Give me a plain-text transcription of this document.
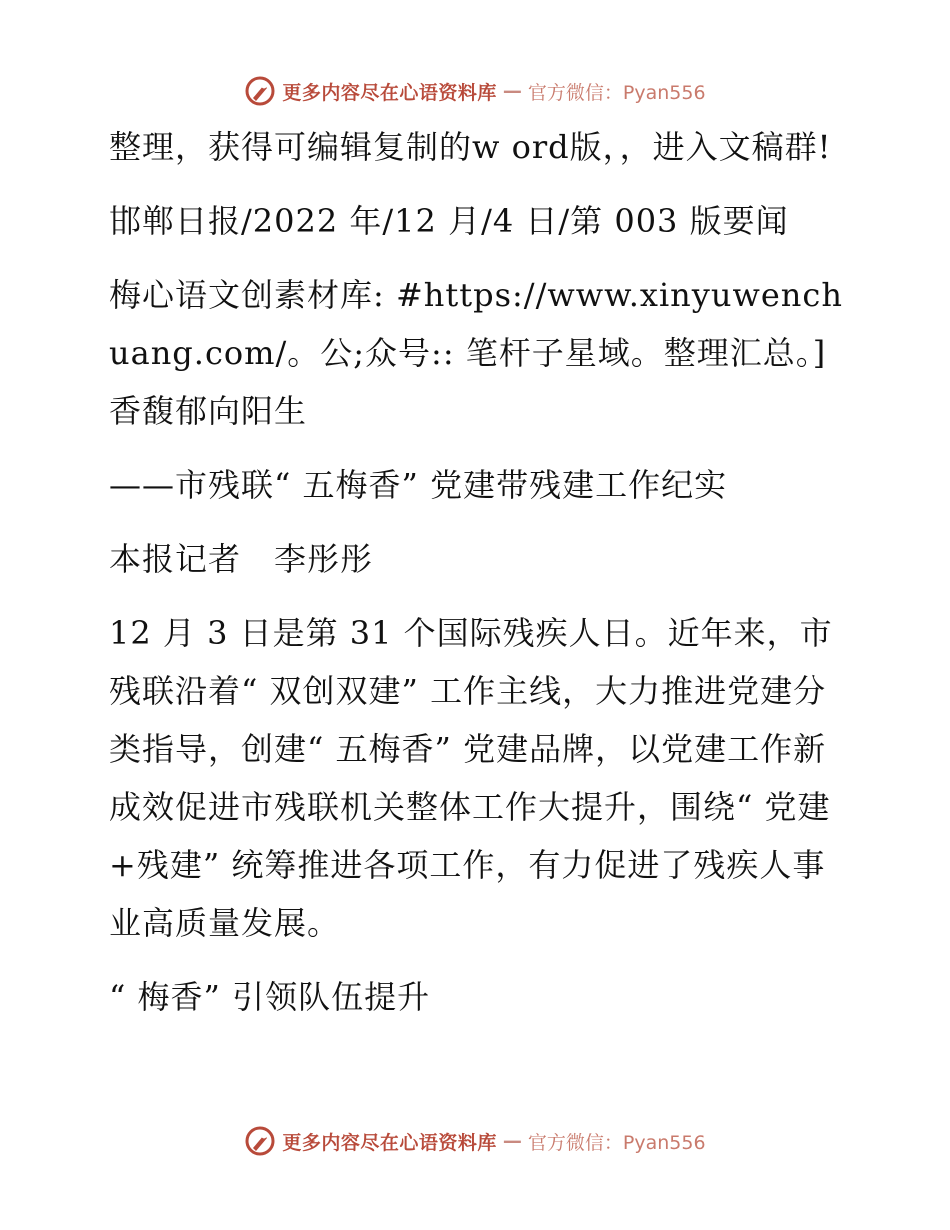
更多内容尽在心语资料库 — 官方微信：Pyan556

整理，获得可编辑复制的w ord版，，进入文稿群!

邯郸日报/2022 年/12 月/4 日/第 003 版要闻

梅心语文创素材库: #https://www.xinyuwenchuang.com/。公;众号:: 笔杆子星域。整理汇总。]香馥郁向阳生

——市残联“ 五梅香” 党建带残建工作纪实

本报记者　李彤彤

12 月 3 日是第 31 个国际残疾人日。近年来，市残联沿着“ 双创双建” 工作主线，大力推进党建分类指导，创建“ 五梅香” 党建品牌，以党建工作新成效促进市残联机关整体工作大提升，围绕“ 党建+残建” 统筹推进各项工作，有力促进了残疾人事业高质量发展。

“ 梅香” 引领队伍提升

更多内容尽在心语资料库 — 官方微信：Pyan556
